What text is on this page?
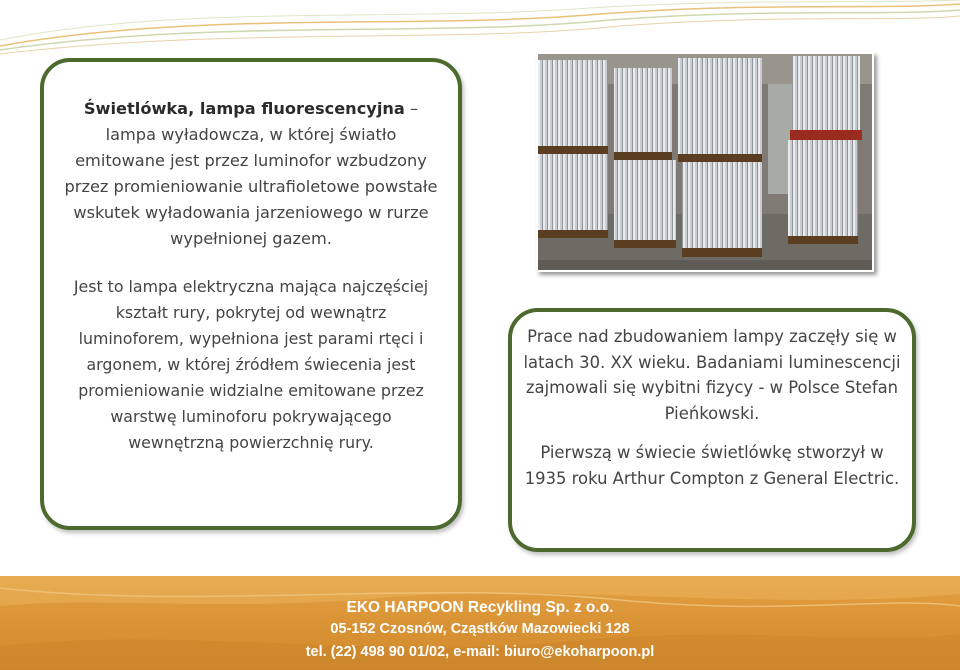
Świetlówka, lampa fluorescencyjna – lampa wyładowcza, w której światło emitowane jest przez luminofor wzbudzony przez promieniowanie ultrafioletowe powstałe wskutek wyładowania jarzeniowego w rurze wypełnionej gazem.

Jest to lampa elektryczna mająca najczęściej kształt rury, pokrytej od wewnątrz luminoforem, wypełniona jest parami rtęci i argonem, w której źródłem świecenia jest promieniowanie widzialne emitowane przez warstwę luminoforu pokrywającego wewnętrzną powierzchnię rury.

Prace nad zbudowaniem lampy zaczęły się w latach 30. XX wieku. Badaniami luminescencji zajmowali się wybitni fizycy - w Polsce Stefan Pieńkowski.

Pierwszą w świecie świetlówkę stworzył w 1935 roku Arthur Compton z General Electric.

EKO HARPOON Recykling Sp. z o.o.
05-152 Czosnów, Cząstków Mazowiecki 128
tel. (22) 498 90 01/02, e-mail: biuro@ekoharpoon.pl
